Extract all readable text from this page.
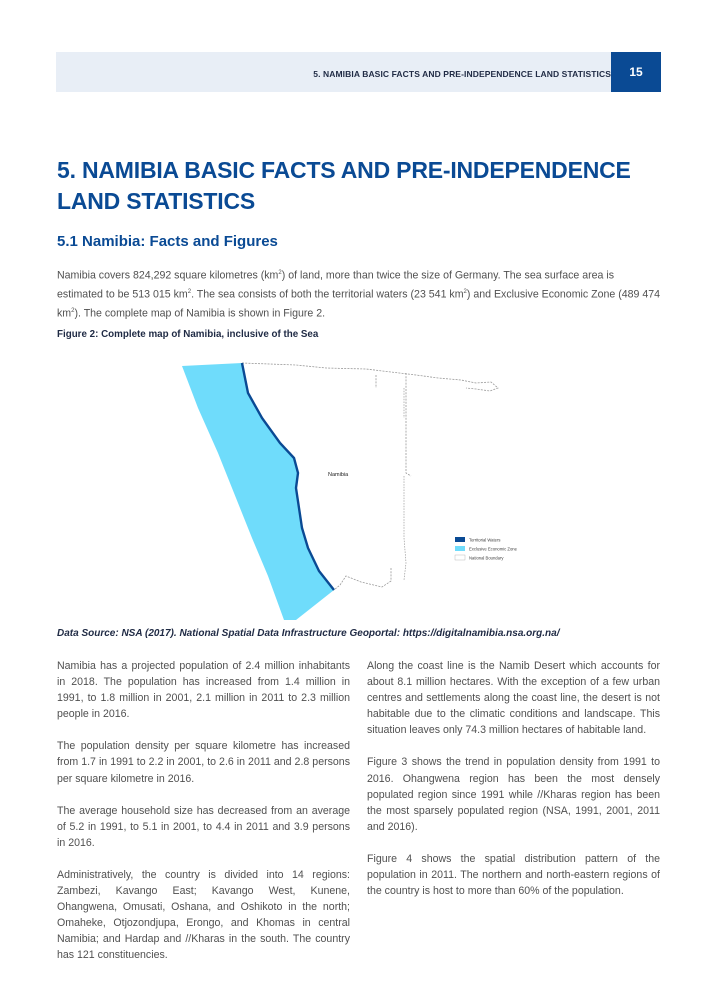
5. NAMIBIA BASIC FACTS AND PRE-INDEPENDENCE LAND STATISTICS 15
5. NAMIBIA BASIC FACTS AND PRE-INDEPENDENCE LAND STATISTICS
5.1 Namibia: Facts and Figures

Namibia covers 824,292 square kilometres $(km^2)$ of land, more than twice the size of Germany. The sea surface area is estimated to be 513 015 $km^2$. The sea consists of both the territorial waters (23 541 $km^2$) and Exclusive Economic Zone (489 474 $km^2$). The complete map of Namibia is shown in Figure 2.

Figure 2: Complete map of Namibia, inclusive of the Sea

Namibia
Territorial Waters
Exclusive Economic Zone
National Boundary

Data Source: NSA (2017). National Spatial Data Infrastructure Geoportal: https://digitalnamibia.nsa.org.na/

Namibia has a projected population of 2.4 million inhabitants in 2018. The population has increased from 1.4 million in 1991, to 1.8 million in 2001, 2.1 million in 2011 to 2.3 million people in 2016.

The population density per square kilometre has increased from 1.7 in 1991 to 2.2 in 2001, to 2.6 in 2011 and 2.8 persons per square kilometre in 2016.

The average household size has decreased from an average of 5.2 in 1991, to 5.1 in 2001, to 4.4 in 2011 and 3.9 persons in 2016.

Administratively, the country is divided into 14 regions: Zambezi, Kavango East; Kavango West, Kunene, Ohangwena, Omusati, Oshana, and Oshikoto in the north; Omaheke, Otjozondjupa, Erongo, and Khomas in central Namibia; and Hardap and //Kharas in the south. The country has 121 constituencies.

Along the coast line is the Namib Desert which accounts for about 8.1 million hectares. With the exception of a few urban centres and settlements along the coast line, the desert is not habitable due to the climatic conditions and landscape. This situation leaves only 74.3 million hectares of habitable land.

Figure 3 shows the trend in population density from 1991 to 2016. Ohangwena region has been the most densely populated region since 1991 while //Kharas region has been the most sparsely populated region (NSA, 1991, 2001, 2011 and 2016).

Figure 4 shows the spatial distribution pattern of the population in 2011. The northern and north-eastern regions of the country is host to more than 60% of the population.
